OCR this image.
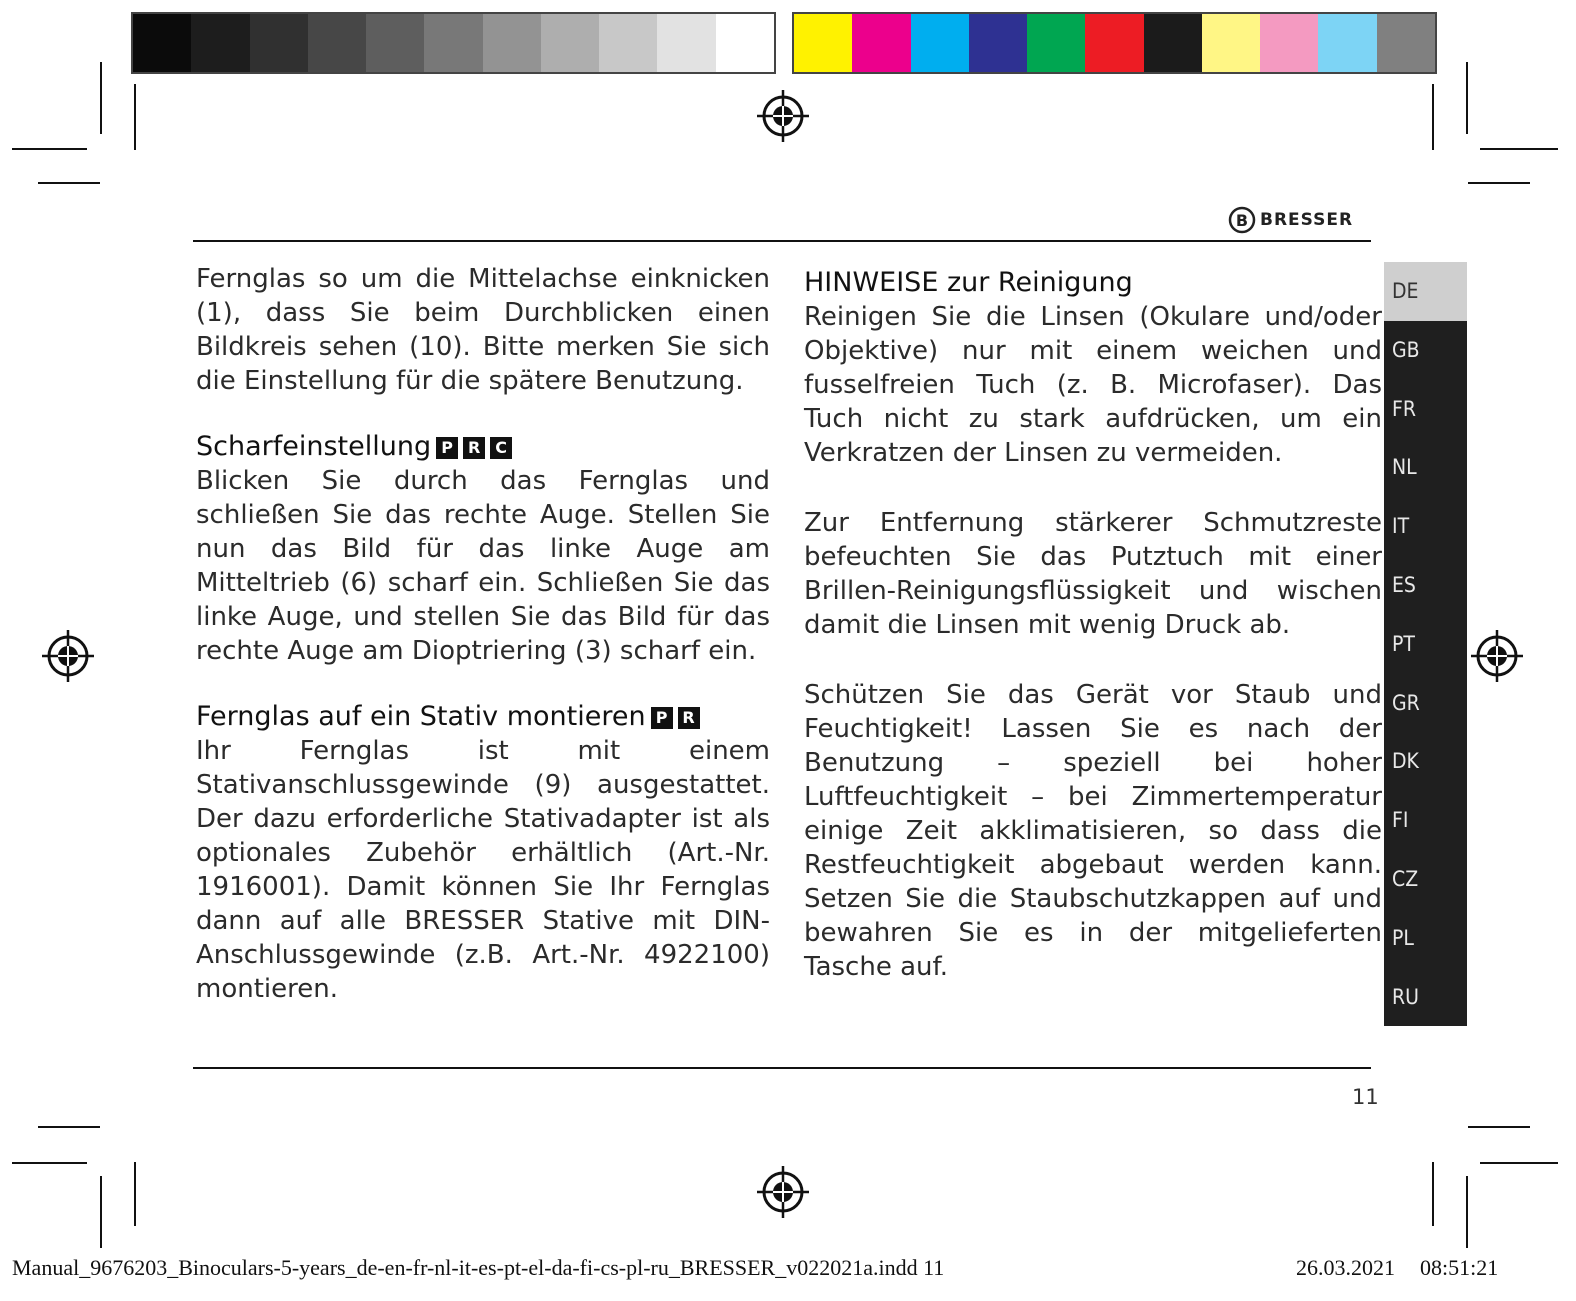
B BRESSER

Fernglas so um die Mittelachse einknicken (1), dass Sie beim Durchblicken einen Bildkreis sehen (10). Bitte merken Sie sich die Einstellung für die spätere Benutzung.

Scharfeinstellung P R C

Blicken Sie durch das Fernglas und schließen Sie das rechte Auge. Stellen Sie nun das Bild für das linke Auge am Mitteltrieb (6) scharf ein. Schließen Sie das linke Auge, und stellen Sie das Bild für das rechte Auge am Dioptriering (3) scharf ein.

Fernglas auf ein Stativ montieren P R

Ihr Fernglas ist mit einem Stativanschlussgewinde (9) ausgestattet. Der dazu erforderliche Stativadapter ist als optionales Zubehör erhältlich (Art.-Nr. 1916001). Damit können Sie Ihr Fernglas dann auf alle BRESSER Stative mit DIN-Anschlussgewinde (z.B. Art.-Nr. 4922100) montieren.

HINWEISE zur Reinigung

Reinigen Sie die Linsen (Okulare und/oder Objektive) nur mit einem weichen und fusselfreien Tuch (z. B. Microfaser). Das Tuch nicht zu stark aufdrücken, um ein Verkratzen der Linsen zu vermeiden.

Zur Entfernung stärkerer Schmutzreste befeuchten Sie das Putztuch mit einer Brillen-Reinigungsflüssigkeit und wischen damit die Linsen mit wenig Druck ab.

Schützen Sie das Gerät vor Staub und Feuchtigkeit! Lassen Sie es nach der Benutzung – speziell bei hoher Luftfeuchtigkeit – bei Zimmertemperatur einige Zeit akklimatisieren, so dass die Restfeuchtigkeit abgebaut werden kann. Setzen Sie die Staubschutzkappen auf und bewahren Sie es in der mitgelieferten Tasche auf.

DE
GB
FR
NL
IT
ES
PT
GR
DK
FI
CZ
PL
RU
11
Manual_9676203_Binoculars-5-years_de-en-fr-nl-it-es-pt-el-da-fi-cs-pl-ru_BRESSER_v022021a.indd 11	26.03.2021 08:51:21
